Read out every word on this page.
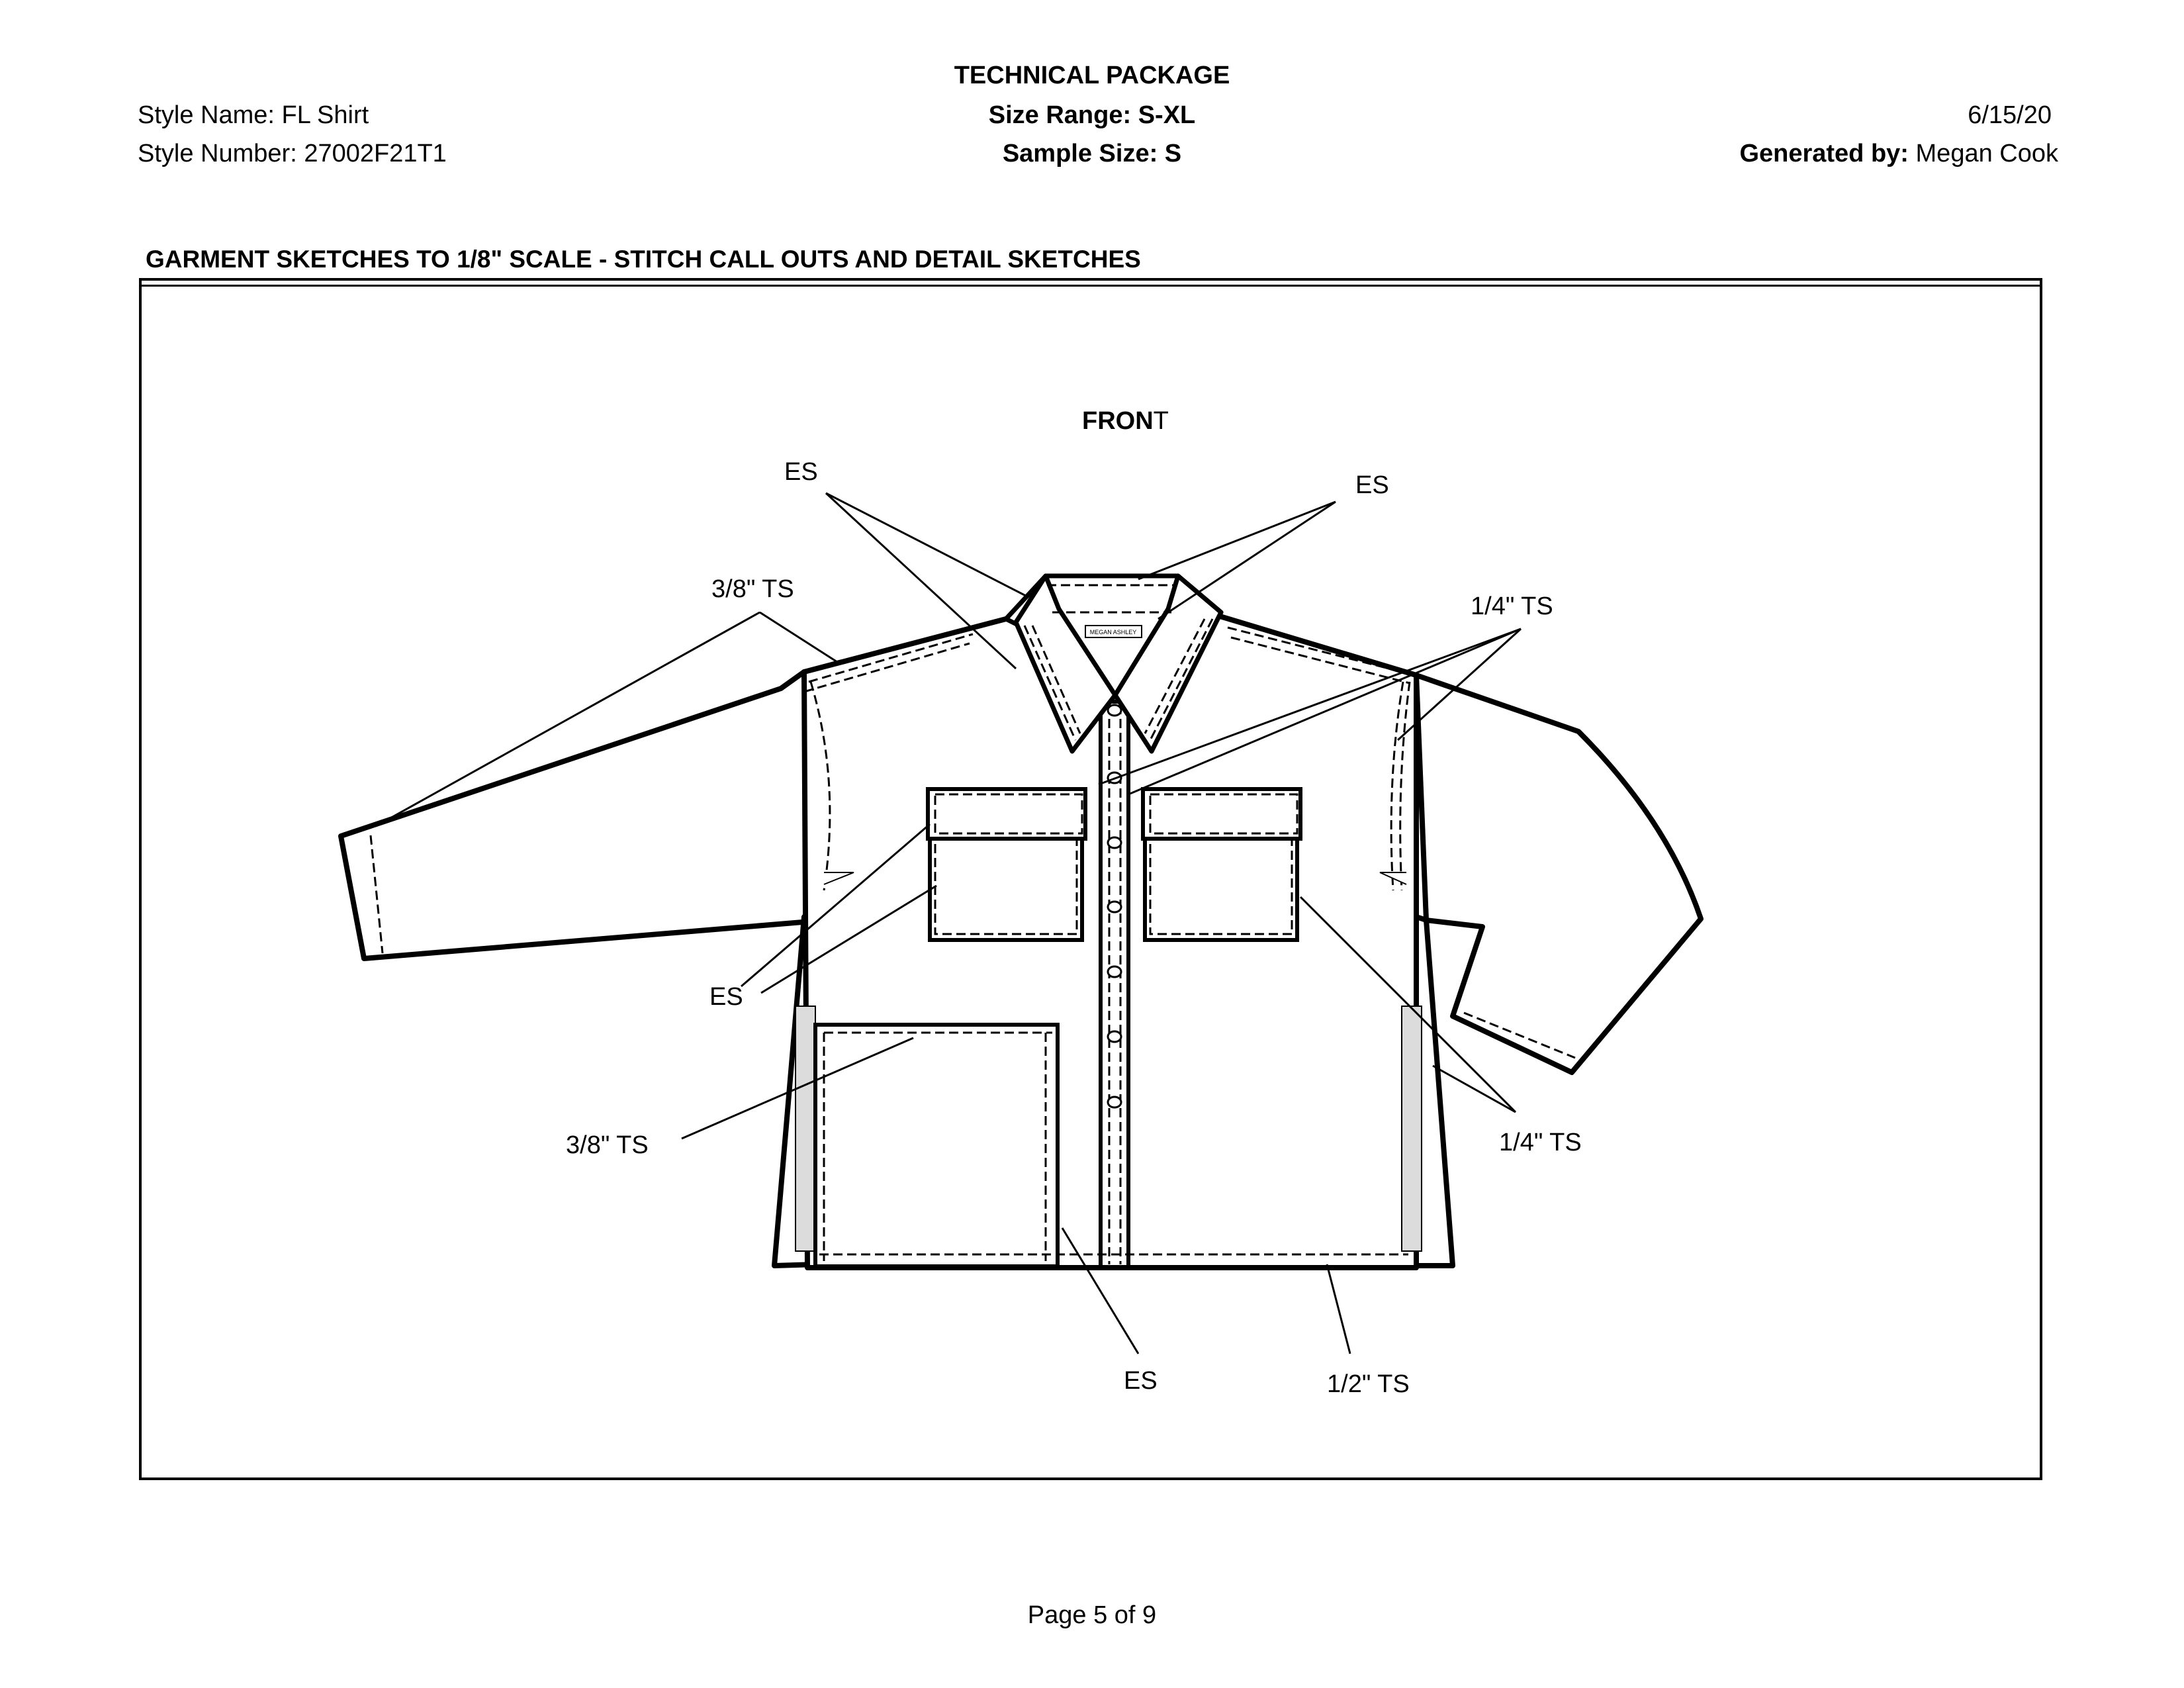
TECHNICAL PACKAGE
Style Name: FL Shirt
Style Number: 27002F21T1
Size Range: S-XL
Sample Size: S
6/15/20
Generated by: Megan Cook
GARMENT SKETCHES TO 1/8" SCALE - STITCH CALL OUTS AND DETAIL SKETCHES
FRONT
MEGAN ASHLEY
ES	ES
3/8" TS
1/4" TS
ES
3/8" TS	1/4" TS
ES	1/2" TS
Page 5 of 9
